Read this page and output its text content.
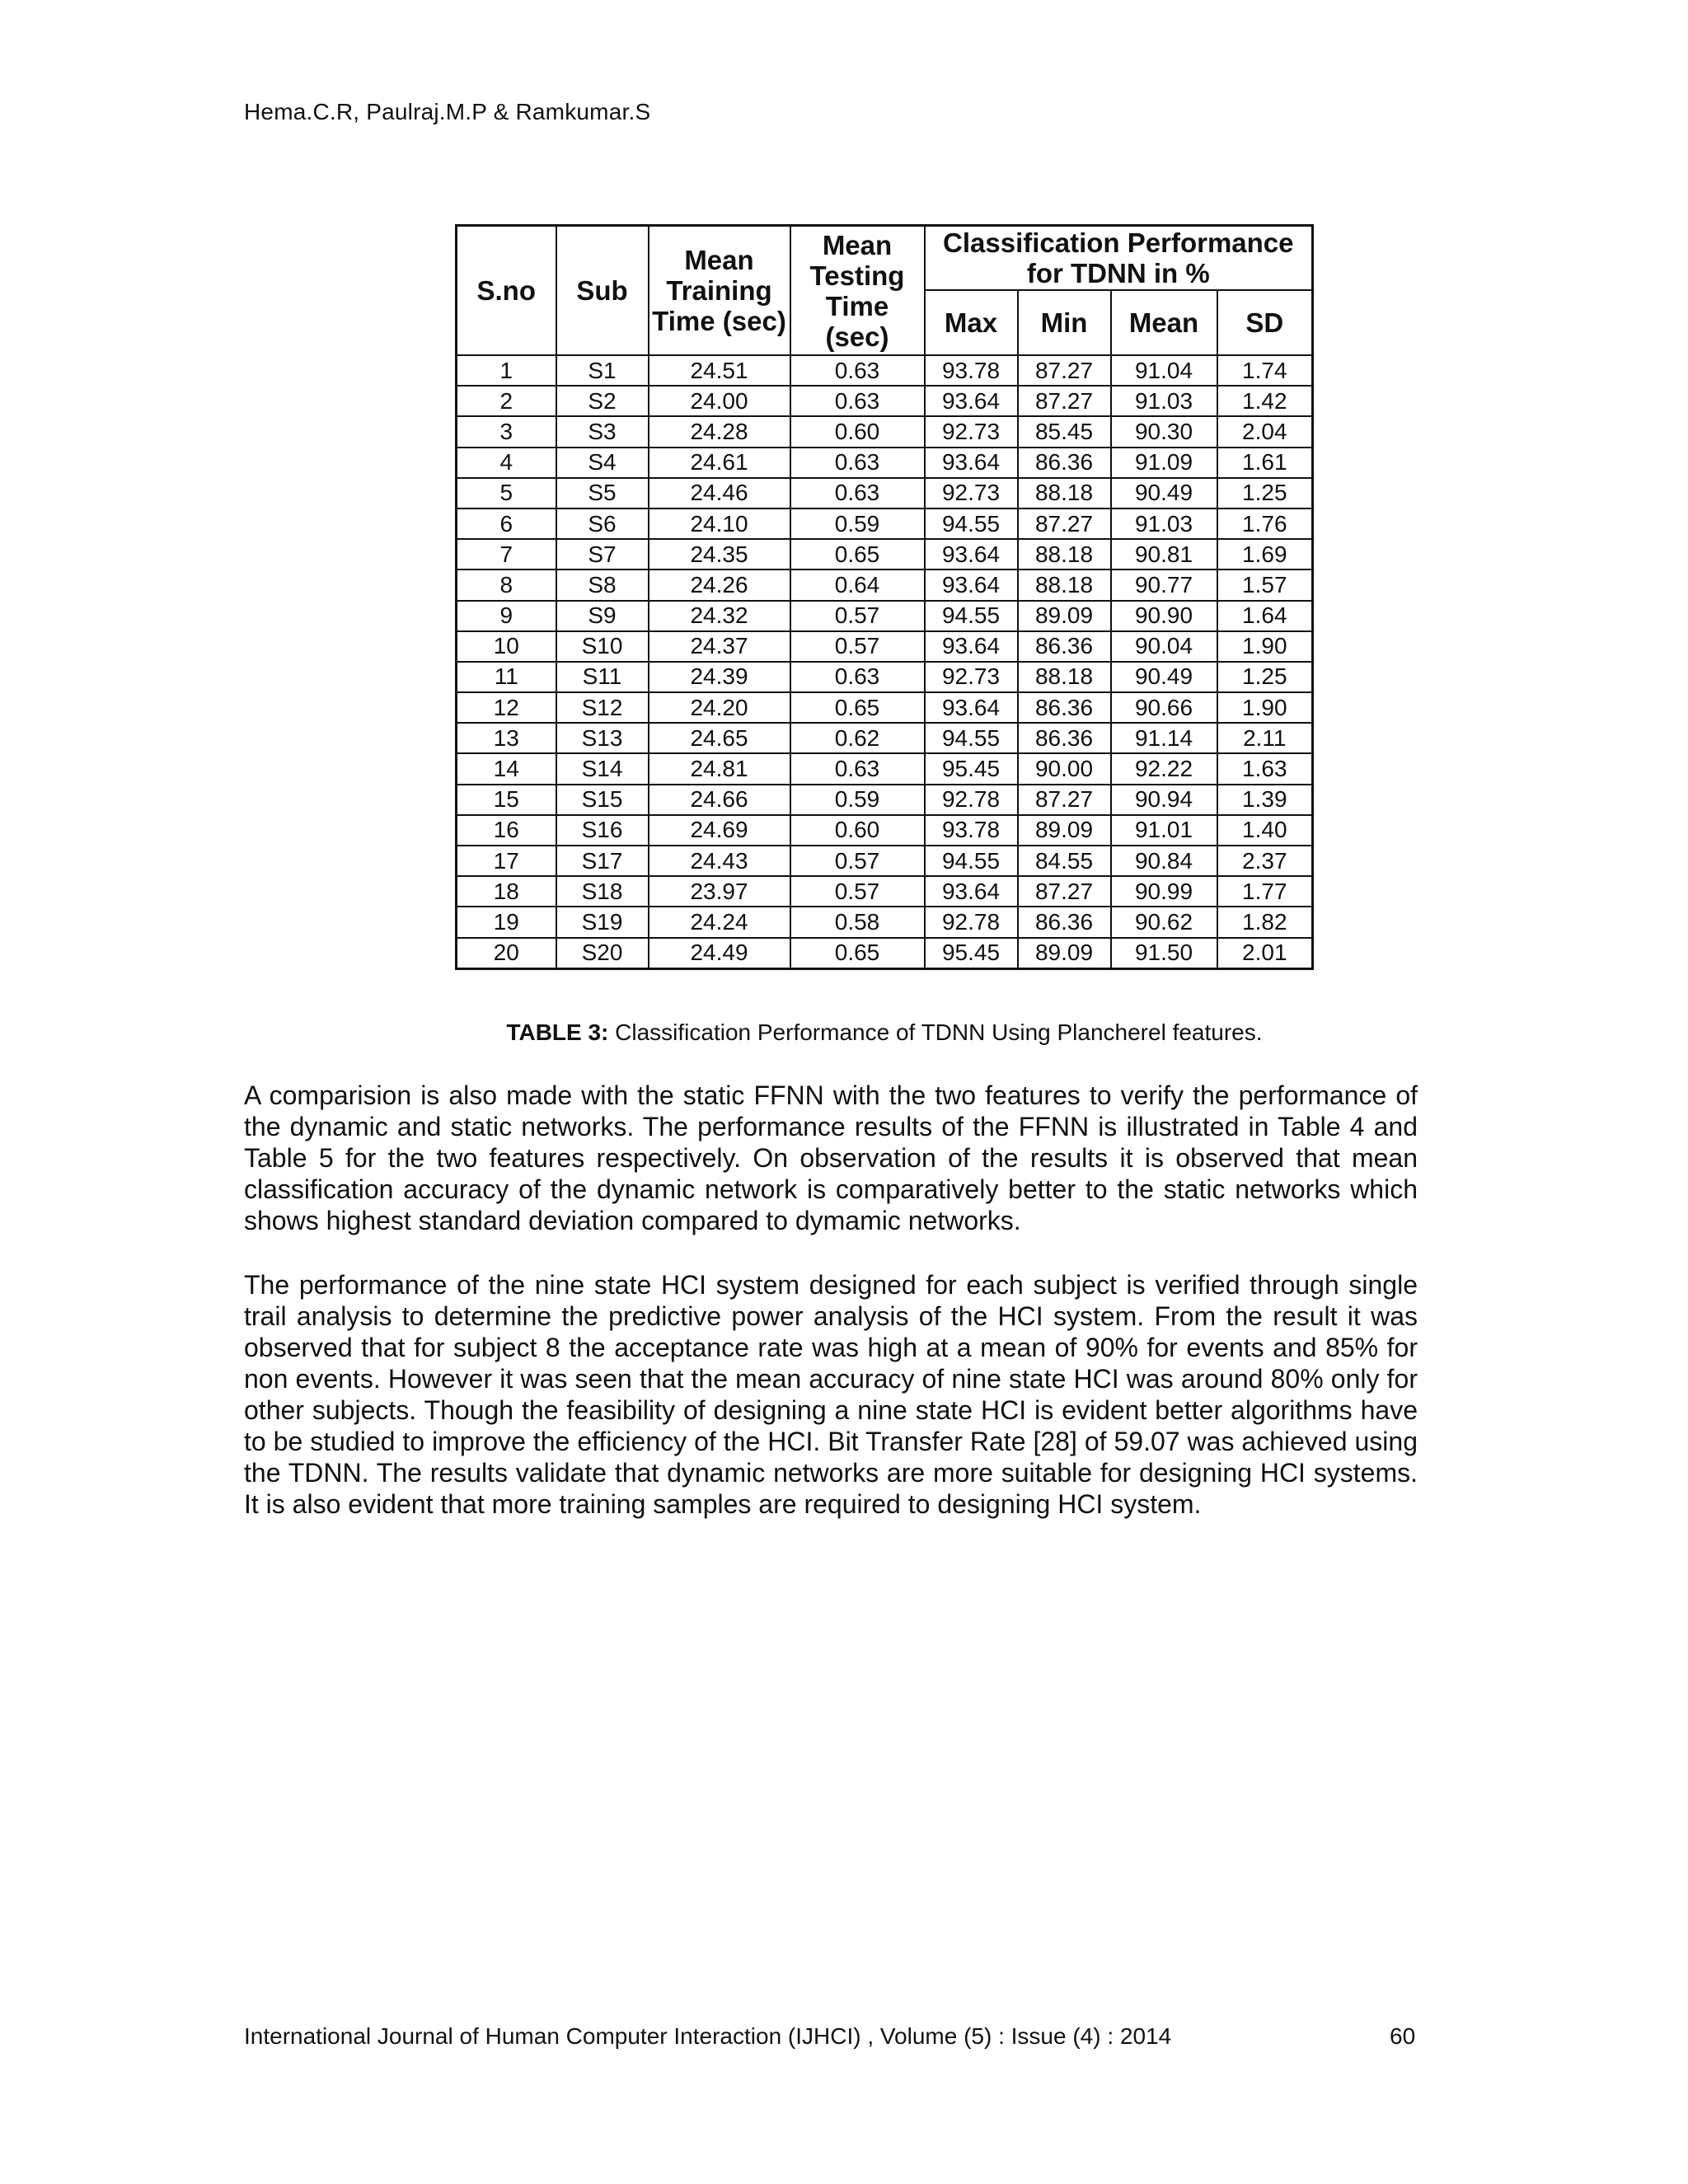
Hema.C.R, Paulraj.M.P & Ramkumar.S
S.no	Sub	Mean Training Time (sec)	Mean Testing Time (sec)	Classification Performance for TDNN in %			
				Max	Min	Mean	SD
1	S1	24.51	0.63	93.78	87.27	91.04	1.74
2	S2	24.00	0.63	93.64	87.27	91.03	1.42
3	S3	24.28	0.60	92.73	85.45	90.30	2.04
4	S4	24.61	0.63	93.64	86.36	91.09	1.61
5	S5	24.46	0.63	92.73	88.18	90.49	1.25
6	S6	24.10	0.59	94.55	87.27	91.03	1.76
7	S7	24.35	0.65	93.64	88.18	90.81	1.69
8	S8	24.26	0.64	93.64	88.18	90.77	1.57
9	S9	24.32	0.57	94.55	89.09	90.90	1.64
10	S10	24.37	0.57	93.64	86.36	90.04	1.90
11	S11	24.39	0.63	92.73	88.18	90.49	1.25
12	S12	24.20	0.65	93.64	86.36	90.66	1.90
13	S13	24.65	0.62	94.55	86.36	91.14	2.11
14	S14	24.81	0.63	95.45	90.00	92.22	1.63
15	S15	24.66	0.59	92.78	87.27	90.94	1.39
16	S16	24.69	0.60	93.78	89.09	91.01	1.40
17	S17	24.43	0.57	94.55	84.55	90.84	2.37
18	S18	23.97	0.57	93.64	87.27	90.99	1.77
19	S19	24.24	0.58	92.78	86.36	90.62	1.82
20	S20	24.49	0.65	95.45	89.09	91.50	2.01
TABLE 3: Classification Performance of TDNN Using Plancherel features.

A comparision is also made with the static FFNN with the two features to verify the performance of the dynamic and static networks. The performance results of the FFNN is illustrated in Table 4 and Table 5 for the two features respectively. On observation of the results it is observed that mean classification accuracy of the dynamic network is comparatively better to the static networks which shows highest standard deviation compared to dymamic networks.

The performance of the nine state HCI system designed for each subject is verified through single trail analysis to determine the predictive power analysis of the HCI system. From the result it was observed that for subject 8 the acceptance rate was high at a mean of 90% for events and 85% for non events. However it was seen that the mean accuracy of nine state HCI was around 80% only for other subjects. Though the feasibility of designing a nine state HCI is evident better algorithms have to be studied to improve the efficiency of the HCI. Bit Transfer Rate [28] of 59.07 was achieved using the TDNN. The results validate that dynamic networks are more suitable for designing HCI systems. It is also evident that more training samples are required to designing HCI system.

International Journal of Human Computer Interaction (IJHCI) , Volume (5) : Issue (4) : 2014	60
